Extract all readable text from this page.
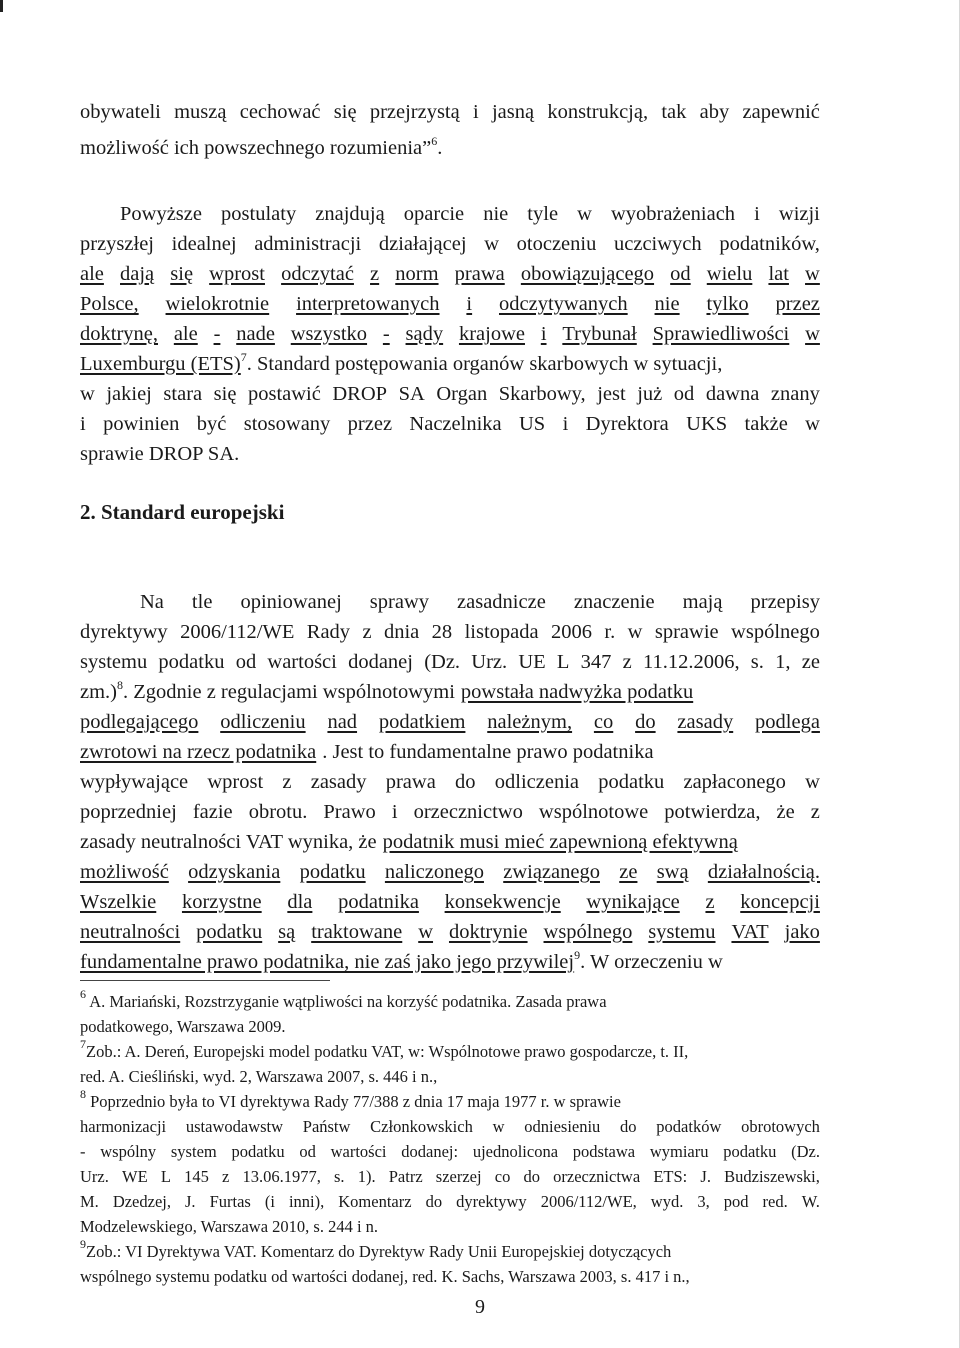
obywateli muszą cechować się przejrzystą i jasną konstrukcją, tak aby zapewnić
możliwość ich powszechnego rozumienia”$^6$.
Powyższe postulaty znajdują oparcie nie tyle w wyobrażeniach i wizji
przyszłej idealnej administracji działającej w otoczeniu uczciwych podatników,
ale dają się wprost odczytać z norm prawa obowiązującego od wielu lat w
Polsce, wielokrotnie interpretowanych i odczytywanych nie tylko przez
doktrynę, ale - nade wszystko - sądy krajowe i Trybunał Sprawiedliwości w
Luxemburgu (ETS)$^7$. Standard postępowania organów skarbowych w sytuacji,
w jakiej stara się postawić DROP SA Organ Skarbowy, jest już od dawna znany
i powinien być stosowany przez Naczelnika US i Dyrektora UKS także w
sprawie DROP SA.
2. Standard europejski
Na tle opiniowanej sprawy zasadnicze znaczenie mają przepisy
dyrektywy 2006/112/WE Rady z dnia 28 listopada 2006 r. w sprawie wspólnego
systemu podatku od wartości dodanej (Dz. Urz. UE L 347 z 11.12.2006, s. 1, ze
zm.)$^8$. Zgodnie z regulacjami wspólnotowymi powstała nadwyżka podatku
podlegającego odliczeniu nad podatkiem należnym, co do zasady podlega
zwrotowi na rzecz podatnika . Jest to fundamentalne prawo podatnika
wypływające wprost z zasady prawa do odliczenia podatku zapłaconego w
poprzedniej fazie obrotu. Prawo i orzecznictwo wspólnotowe potwierdza, że z
zasady neutralności VAT wynika, że podatnik musi mieć zapewnioną efektywną
możliwość odzyskania podatku naliczonego związanego ze swą działalnością.
Wszelkie korzystne dla podatnika konsekwencje wynikające z koncepcji
neutralności podatku są traktowane w doktrynie wspólnego systemu VAT jako
fundamentalne prawo podatnika, nie zaś jako jego przywilej$^9$. W orzeczeniu w
$^6$ A. Mariański, Rozstrzyganie wątpliwości na korzyść podatnika. Zasada prawa
podatkowego, Warszawa 2009.
$^7$Zob.: A. Dereń, Europejski model podatku VAT, w: Wspólnotowe prawo gospodarcze, t. II,
red. A. Cieśliński, wyd. 2, Warszawa 2007, s. 446 i n.,
$^8$ Poprzednio była to VI dyrektywa Rady 77/388 z dnia 17 maja 1977 r. w sprawie
harmonizacji ustawodawstw Państw Członkowskich w odniesieniu do podatków obrotowych
- wspólny system podatku od wartości dodanej: ujednolicona podstawa wymiaru podatku (Dz.
Urz. WE L 145 z 13.06.1977, s. 1). Patrz szerzej co do orzecznictwa ETS: J. Budziszewski,
M. Dzedzej, J. Furtas (i inni), Komentarz do dyrektywy 2006/112/WE, wyd. 3, pod red. W.
Modzelewskiego, Warszawa 2010, s. 244 i n.
$^9$Zob.: VI Dyrektywa VAT. Komentarz do Dyrektyw Rady Unii Europejskiej dotyczących
wspólnego systemu podatku od wartości dodanej, red. K. Sachs, Warszawa 2003, s. 417 i n.,
9
